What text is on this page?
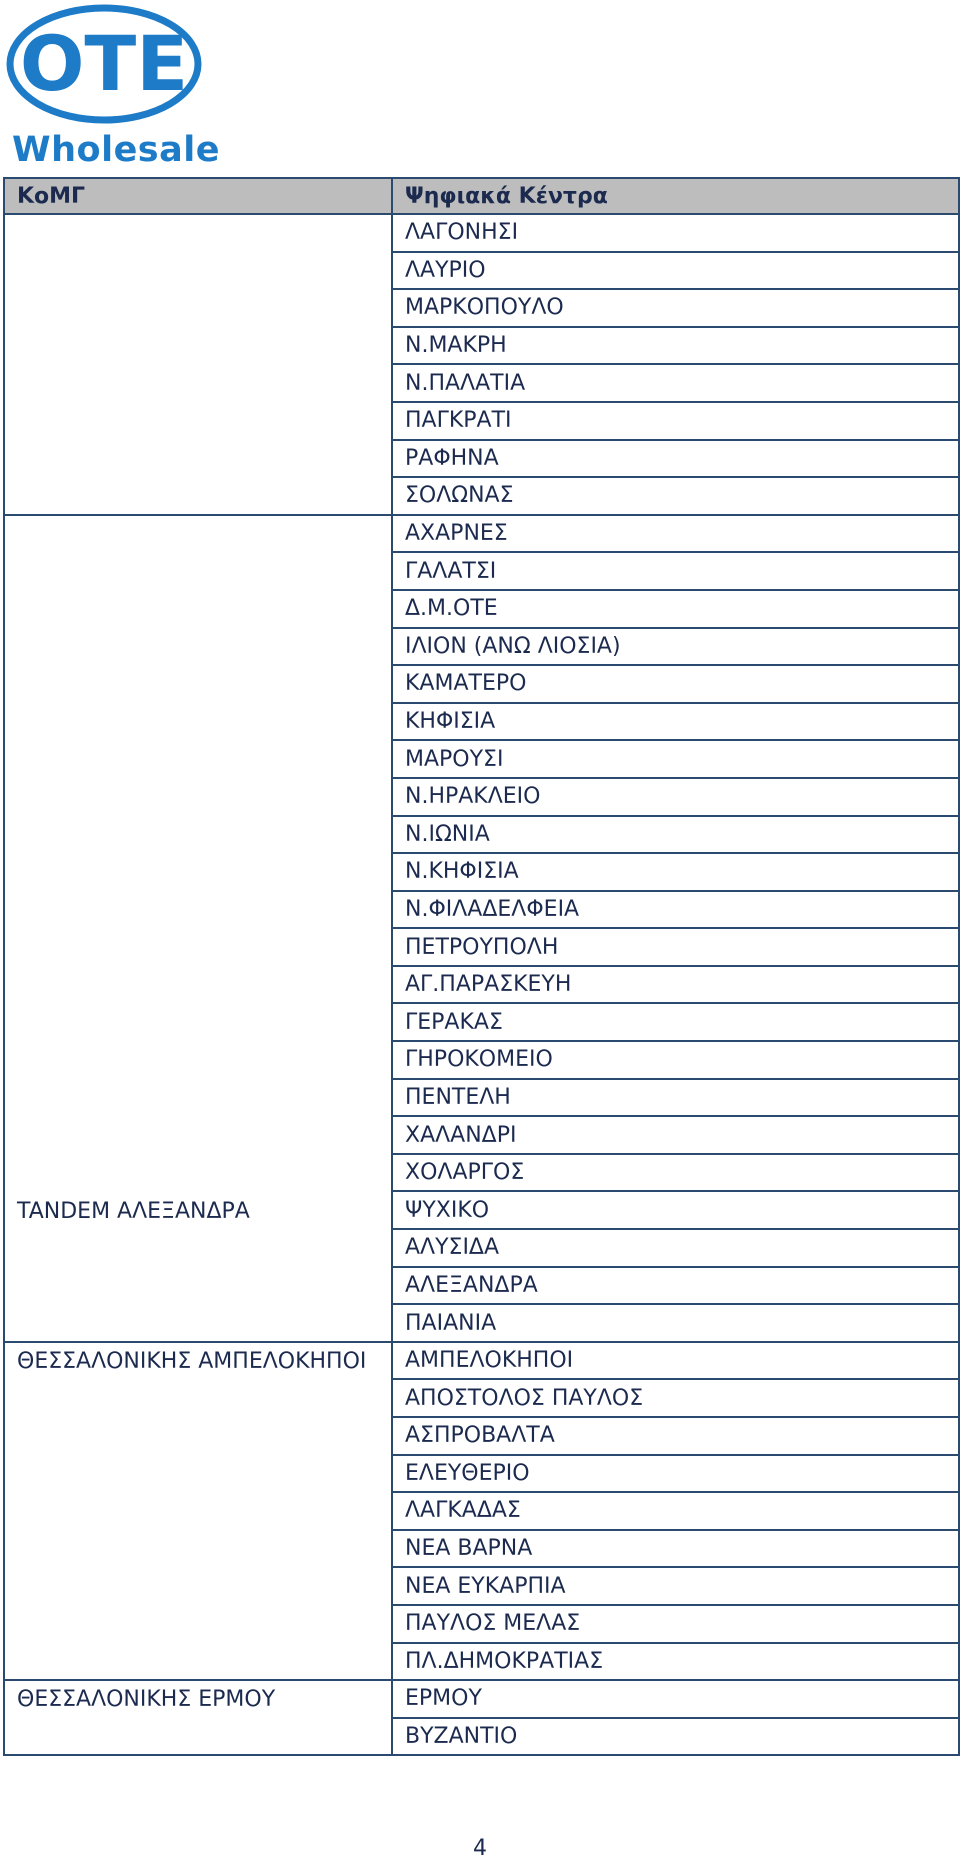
OTE
Wholesale
ΚοΜΓ	Ψηφιακά Κέντρα

	ΛΑΓΟΝΗΣΙ
	ΛΑΥΡΙΟ
	ΜΑΡΚΟΠΟΥΛΟ
	Ν.ΜΑΚΡΗ
	Ν.ΠΑΛΑΤΙΑ
	ΠΑΓΚΡΑΤΙ
	ΡΑΦΗΝΑ
	ΣΟΛΩΝΑΣ

TANDEM ΑΛΕΞΑΝΔΡΑ	ΑΧΑΡΝΕΣ
	ΓΑΛΑΤΣΙ
	Δ.Μ.ΟΤΕ
	ΙΛΙΟΝ (ΑΝΩ ΛΙΟΣΙΑ)
	ΚΑΜΑΤΕΡΟ
	ΚΗΦΙΣΙΑ
	ΜΑΡΟΥΣΙ
	Ν.ΗΡΑΚΛΕΙΟ
	Ν.ΙΩΝΙΑ
	Ν.ΚΗΦΙΣΙΑ
	Ν.ΦΙΛΑΔΕΛΦΕΙΑ
	ΠΕΤΡΟΥΠΟΛΗ
	ΑΓ.ΠΑΡΑΣΚΕΥΗ
	ΓΕΡΑΚΑΣ
	ΓΗΡΟΚΟΜΕΙΟ
	ΠΕΝΤΕΛΗ
	ΧΑΛΑΝΔΡΙ
	ΧΟΛΑΡΓΟΣ
	ΨΥΧΙΚΟ
	ΑΛΥΣΙΔΑ
	ΑΛΕΞΑΝΔΡΑ
	ΠΑΙΑΝΙΑ

ΘΕΣΣΑΛΟΝΙΚΗΣ ΑΜΠΕΛΟΚΗΠΟΙ	ΑΜΠΕΛΟΚΗΠΟΙ
	ΑΠΟΣΤΟΛΟΣ ΠΑΥΛΟΣ
	ΑΣΠΡΟΒΑΛΤΑ
	ΕΛΕΥΘΕΡΙΟ
	ΛΑΓΚΑΔΑΣ
	ΝΕΑ ΒΑΡΝΑ
	ΝΕΑ ΕΥΚΑΡΠΙΑ
	ΠΑΥΛΟΣ ΜΕΛΑΣ
	ΠΛ.ΔΗΜΟΚΡΑΤΙΑΣ

ΘΕΣΣΑΛΟΝΙΚΗΣ ΕΡΜΟΥ	ΕΡΜΟΥ
	ΒΥΖΑΝΤΙΟ
4
